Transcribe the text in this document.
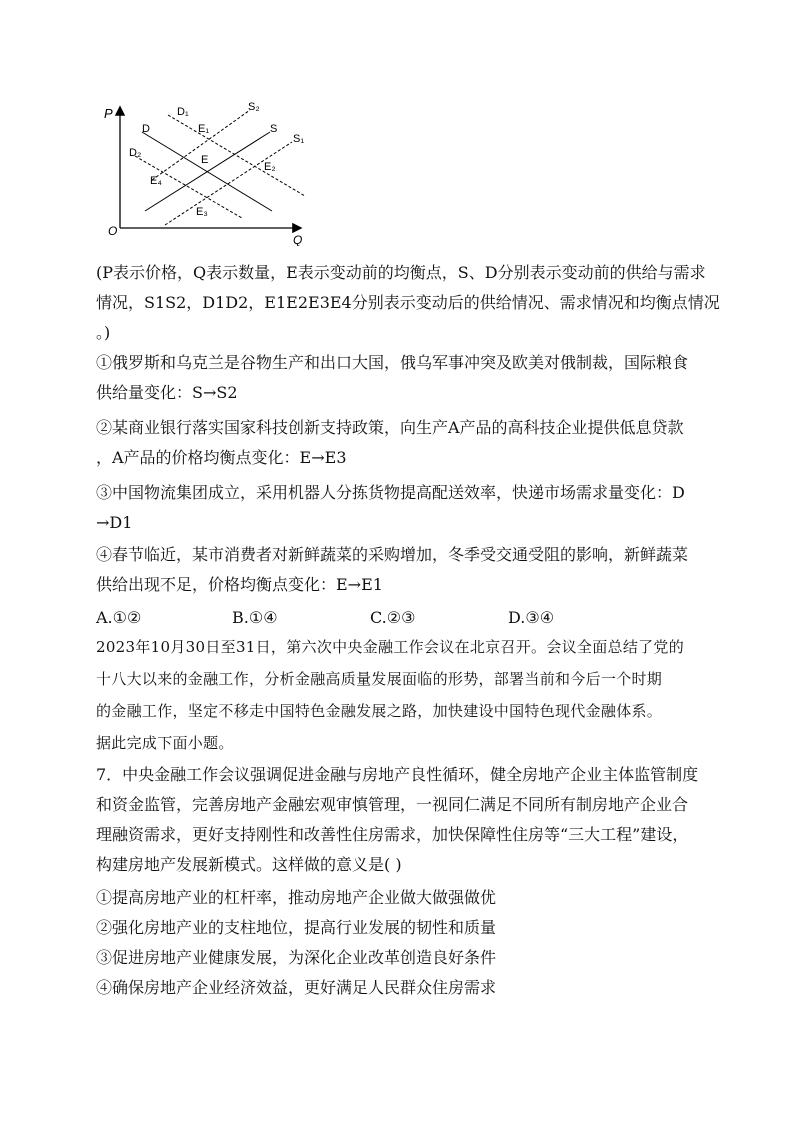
P
Q
O
D₁
E₁
S₂
D	S
S₁
D₂
E
E₂
E₄
E₃
(P表示价格，Q表示数量，E表示变动前的均衡点，S、D分别表示变动前的供给与需求
情况，S1S2，D1D2，E1E2E3E4分别表示变动后的供给情况、需求情况和均衡点情况
。)
①俄罗斯和乌克兰是谷物生产和出口大国，俄乌军事冲突及欧美对俄制裁，国际粮食
供给量变化：S→S2
②某商业银行落实国家科技创新支持政策，向生产A产品的高科技企业提供低息贷款
，A产品的价格均衡点变化：E→E3
③中国物流集团成立，采用机器人分拣货物提高配送效率，快递市场需求量变化：D
→D1
④春节临近，某市消费者对新鲜蔬菜的采购增加，冬季受交通受阻的影响，新鲜蔬菜
供给出现不足，价格均衡点变化：E→E1
A.①②	B.①④	C.②③	D.③④
2023年10月30日至31日，第六次中央金融工作会议在北京召开。会议全面总结了党的
十八大以来的金融工作，分析金融高质量发展面临的形势，部署当前和今后一个时期
的金融工作，坚定不移走中国特色金融发展之路，加快建设中国特色现代金融体系。
据此完成下面小题。
7．中央金融工作会议强调促进金融与房地产良性循环，健全房地产企业主体监管制度
和资金监管，完善房地产金融宏观审慎管理，一视同仁满足不同所有制房地产企业合
理融资需求，更好支持刚性和改善性住房需求，加快保障性住房等“三大工程”建设，
构建房地产发展新模式。这样做的意义是( )
①提高房地产业的杠杆率，推动房地产企业做大做强做优
②强化房地产业的支柱地位，提高行业发展的韧性和质量
③促进房地产业健康发展，为深化企业改革创造良好条件
④确保房地产企业经济效益，更好满足人民群众住房需求
